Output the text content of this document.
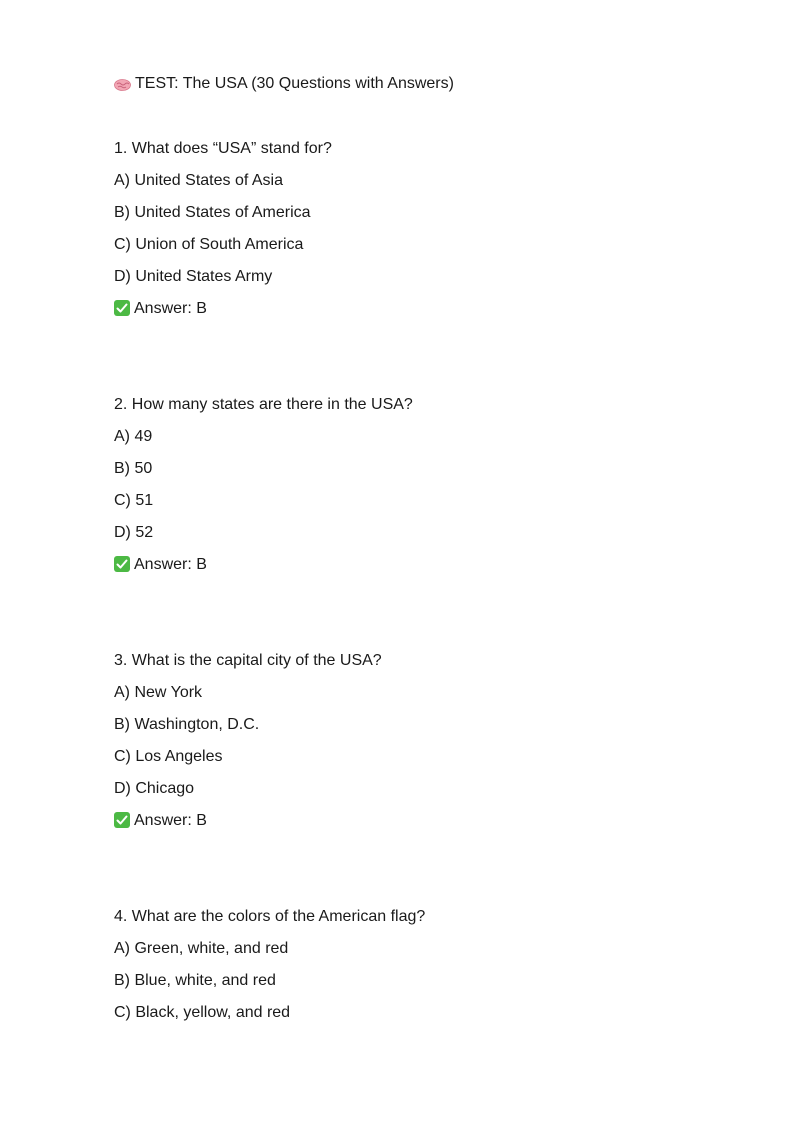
TEST: The USA (30 Questions with Answers)
1. What does “USA” stand for?
A) United States of Asia
B) United States of America
C) Union of South America
D) United States Army
Answer: B
2. How many states are there in the USA?
A) 49
B) 50
C) 51
D) 52
Answer: B
3. What is the capital city of the USA?
A) New York
B) Washington, D.C.
C) Los Angeles
D) Chicago
Answer: B
4. What are the colors of the American flag?
A) Green, white, and red
B) Blue, white, and red
C) Black, yellow, and red
